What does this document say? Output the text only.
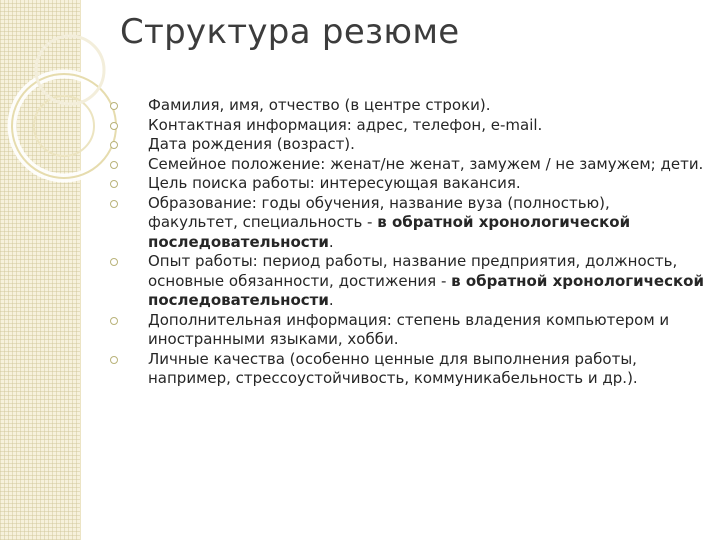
Структура резюме
Фамилия, имя, отчество (в центре строки).
Контактная информация: адрес, телефон, e-mail.
Дата рождения (возраст).
Семейное положение: женат/не женат, замужем / не замужем; дети.
Цель поиска работы: интересующая вакансия.
Образование: годы обучения, название вуза (полностью), факультет, специальность - в обратной хронологической последовательности.
Опыт работы: период работы, название предприятия, должность, основные обязанности, достижения - в обратной хронологической последовательности.
Дополнительная информация: степень владения компьютером и иностранными языками, хобби.
Личные качества (особенно ценные для выполнения работы, например, стрессоустойчивость, коммуникабельность и др.).
